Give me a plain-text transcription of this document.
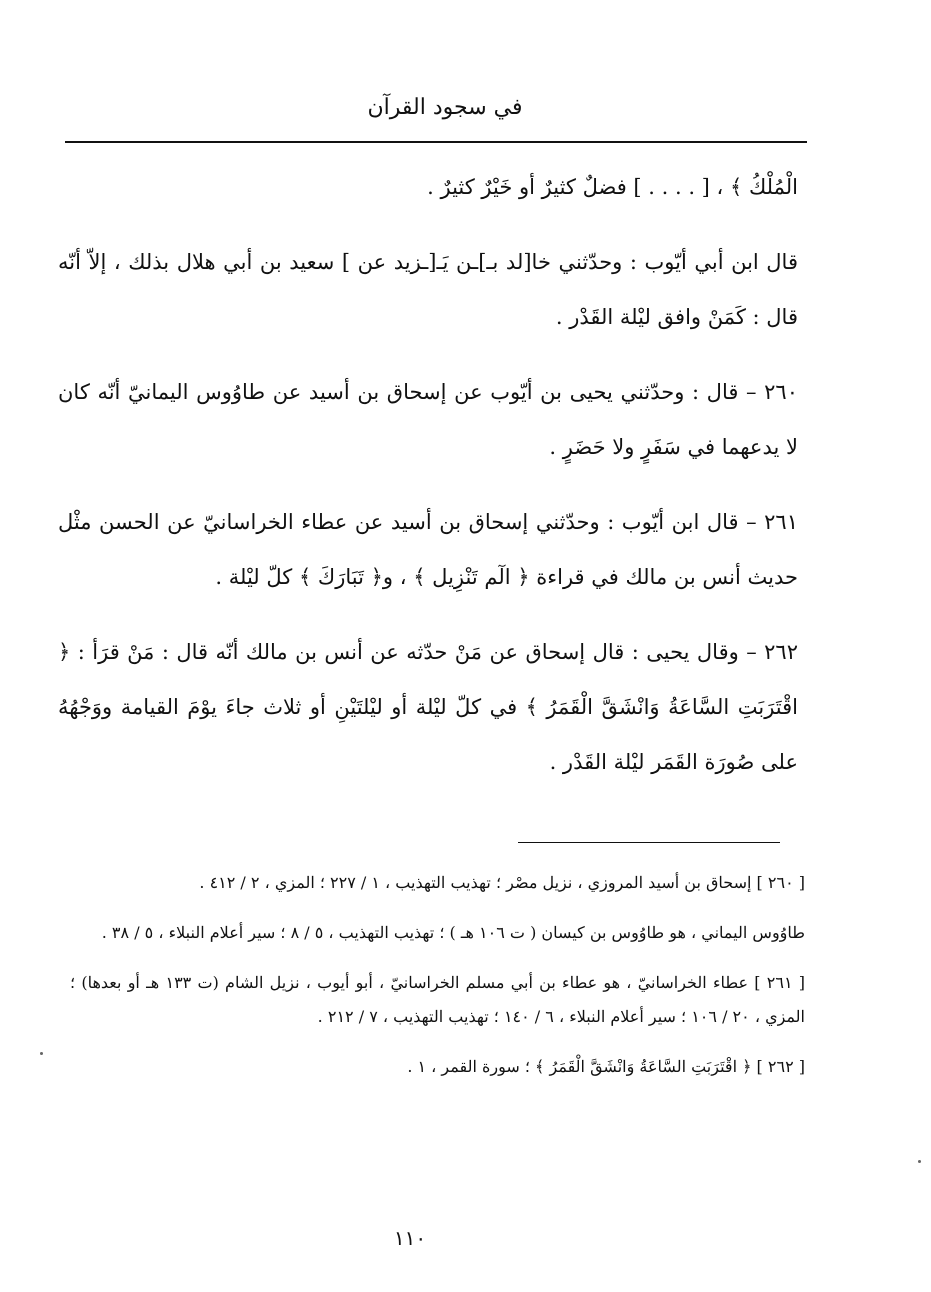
في سجود القرآن

الْمُلْكُ ﴾ ، [ . . . . ] فضلٌ كثيرٌ أو خَيْرٌ كثيرٌ .

قال ابن أبي أيّوب : وحدّثني خا[لد بـ]ـن يَـ[ـزيد عن ] سعيد بن أبي هلال بذلك ، إلاّ أنّه قال : كَمَنْ وافق ليْلة القَدْر .

٢٦٠ – قال : وحدّثني يحيى بن أيّوب عن إسحاق بن أسيد عن طاوُوس اليمانيّ أنّه كان لا يدعهما في سَفَرٍ ولا حَضَرٍ .

٢٦١ – قال ابن أيّوب : وحدّثني إسحاق بن أسيد عن عطاء الخراسانيّ عن الحسن مثْل حديث أنس بن مالك في قراءة ﴿ الٓم تَنْزِيل ﴾ ، و﴿ تَبَارَكَ ﴾ كلّ ليْلة .

٢٦٢ – وقال يحيى : قال إسحاق عن مَنْ حدّثه عن أنس بن مالك أنّه قال : مَنْ قرَأ : ﴿ اقْتَرَبَتِ السَّاعَةُ وَانْشَقَّ الْقَمَرُ ﴾ في كلّ ليْلة أو ليْلتَيْنِ أو ثلاث جاءَ يوْمَ القيامة ووَجْهُهُ على صُورَة القَمَر ليْلة القَدْر .

[ ٢٦٠ ] إسحاق بن أسيد المروزي ، نزيل مصْر ؛ تهذيب التهذيب ، ١ / ٢٢٧ ؛ المزي ، ٢ / ٤١٢ .

طاوُوس اليماني ، هو طاوُوس بن كيسان ( ت ١٠٦ هـ ) ؛ تهذيب التهذيب ، ٥ / ٨ ؛ سير أعلام النبلاء ، ٥ / ٣٨ .

[ ٢٦١ ] عطاء الخراسانيّ ، هو عطاء بن أبي مسلم الخراسانيّ ، أبو أيوب ، نزيل الشام (ت ١٣٣ هـ أو بعدها) ؛ المزي ، ٢٠ / ١٠٦ ؛ سير أعلام النبلاء ، ٦ / ١٤٠ ؛ تهذيب التهذيب ، ٧ / ٢١٢ .

[ ٢٦٢ ] ﴿ اقْتَرَبَتِ السَّاعَةُ وَانْشَقَّ الْقَمَرُ ﴾ ؛ سورة القمر ، ١ .

١١٠
